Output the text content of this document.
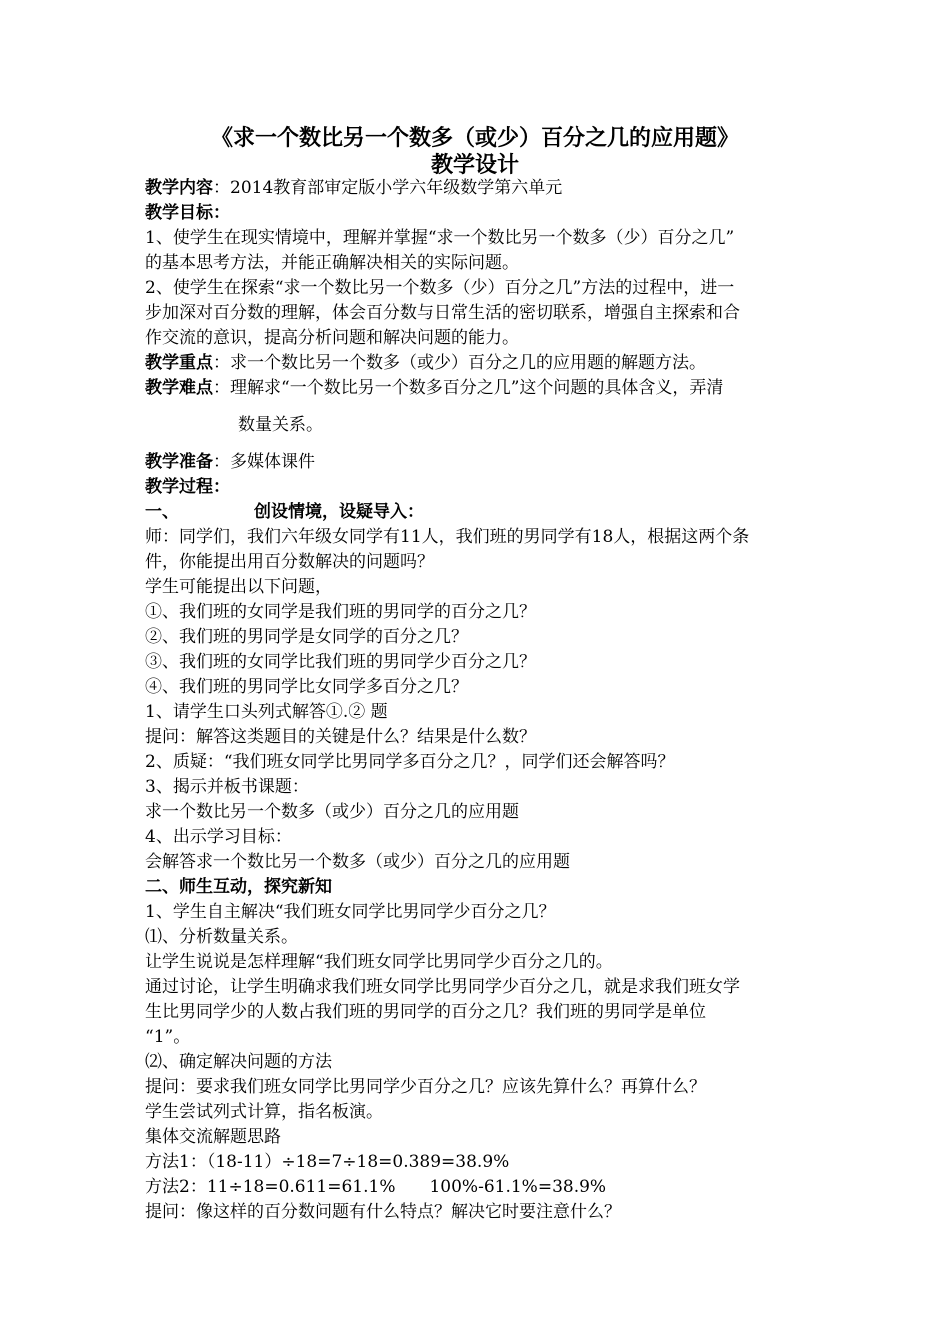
《求一个数比另一个数多（或少）百分之几的应用题》
教学设计
教学内容：2014教育部审定版小学六年级数学第六单元
教学目标：
1、使学生在现实情境中，理解并掌握“求一个数比另一个数多（少）百分之几”
的基本思考方法，并能正确解决相关的实际问题。
2、使学生在探索“求一个数比另一个数多（少）百分之几”方法的过程中，进一
步加深对百分数的理解，体会百分数与日常生活的密切联系，增强自主探索和合
作交流的意识，提高分析问题和解决问题的能力。
教学重点：求一个数比另一个数多（或少）百分之几的应用题的解题方法。
教学难点：理解求“一个数比另一个数多百分之几”这个问题的具体含义，弄清
数量关系。
教学准备：多媒体课件
教学过程：
一、	创设情境，设疑导入：
师：同学们，我们六年级女同学有11人，我们班的男同学有18人，根据这两个条
件，你能提出用百分数解决的问题吗？
学生可能提出以下问题，
①、我们班的女同学是我们班的男同学的百分之几？
②、我们班的男同学是女同学的百分之几？
③、我们班的女同学比我们班的男同学少百分之几？
④、我们班的男同学比女同学多百分之几？
1、请学生口头列式解答①.② 题
提问：解答这类题目的关键是什么？结果是什么数？
2、质疑：“我们班女同学比男同学多百分之几？，同学们还会解答吗？
3、揭示并板书课题：
求一个数比另一个数多（或少）百分之几的应用题
4、出示学习目标：
会解答求一个数比另一个数多（或少）百分之几的应用题
二、师生互动，探究新知
1、学生自主解决“我们班女同学比男同学少百分之几？
⑴、分析数量关系。
让学生说说是怎样理解“我们班女同学比男同学少百分之几的。
通过讨论，让学生明确求我们班女同学比男同学少百分之几，就是求我们班女学
生比男同学少的人数占我们班的男同学的百分之几？我们班的男同学是单位
“1”。
⑵、确定解决问题的方法
提问：要求我们班女同学比男同学少百分之几？应该先算什么？再算什么？
学生尝试列式计算，指名板演。
集体交流解题思路
方法1：（18-11）÷18=7÷18=0.389=38.9%
方法2：11÷18=0.611=61.1%　　100%-61.1%=38.9%
提问：像这样的百分数问题有什么特点？解决它时要注意什么？
